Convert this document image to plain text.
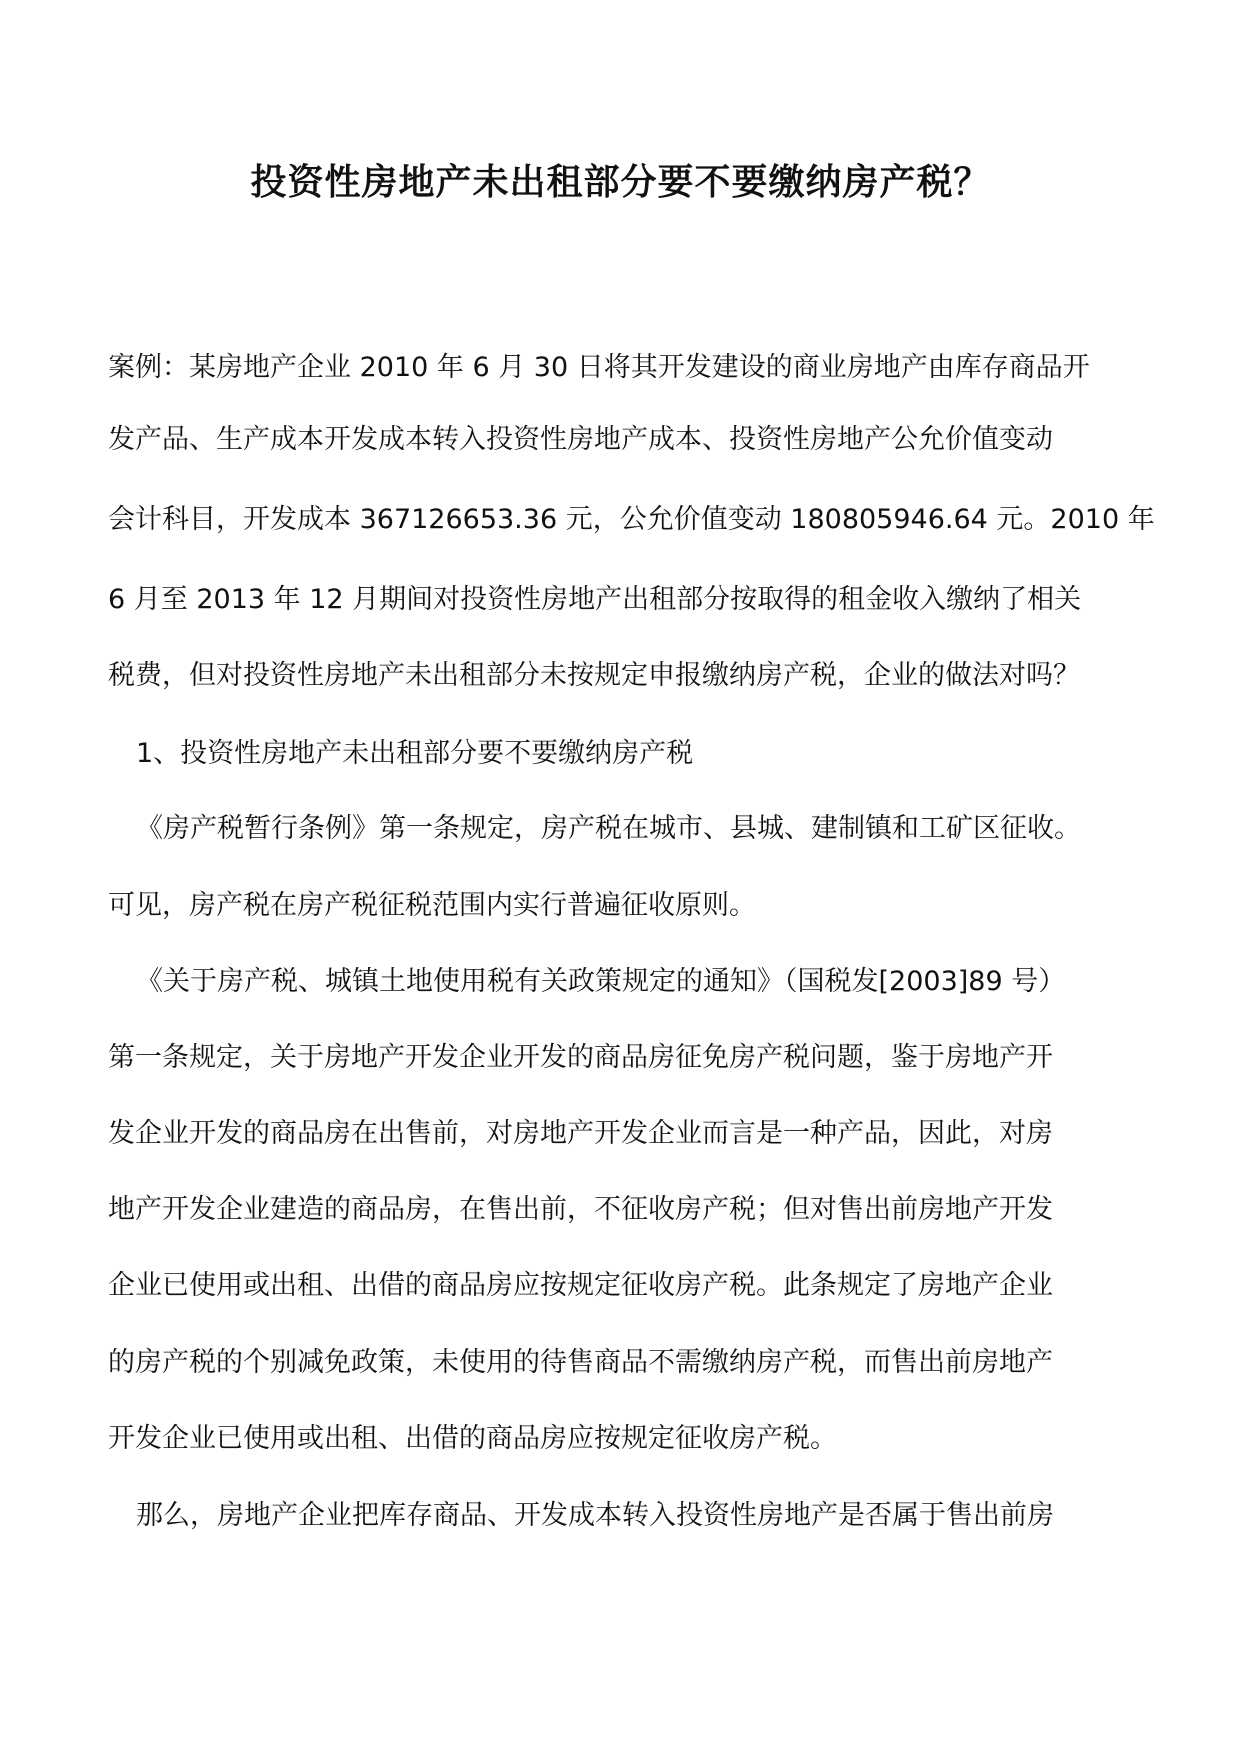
投资性房地产未出租部分要不要缴纳房产税？

案例：某房地产企业 2010 年 6 月 30 日将其开发建设的商业房地产由库存商品开

发产品、生产成本开发成本转入投资性房地产成本、投资性房地产公允价值变动

会计科目，开发成本 367126653.36 元，公允价值变动 180805946.64 元。2010 年

6 月至 2013 年 12 月期间对投资性房地产出租部分按取得的租金收入缴纳了相关

税费，但对投资性房地产未出租部分未按规定申报缴纳房产税，企业的做法对吗？

1、投资性房地产未出租部分要不要缴纳房产税

《房产税暂行条例》第一条规定，房产税在城市、县城、建制镇和工矿区征收。

可见，房产税在房产税征税范围内实行普遍征收原则。

《关于房产税、城镇土地使用税有关政策规定的通知》（国税发[2003]89 号）

第一条规定，关于房地产开发企业开发的商品房征免房产税问题，鉴于房地产开

发企业开发的商品房在出售前，对房地产开发企业而言是一种产品，因此，对房

地产开发企业建造的商品房，在售出前，不征收房产税；但对售出前房地产开发

企业已使用或出租、出借的商品房应按规定征收房产税。此条规定了房地产企业

的房产税的个别减免政策，未使用的待售商品不需缴纳房产税，而售出前房地产

开发企业已使用或出租、出借的商品房应按规定征收房产税。

那么，房地产企业把库存商品、开发成本转入投资性房地产是否属于售出前房
